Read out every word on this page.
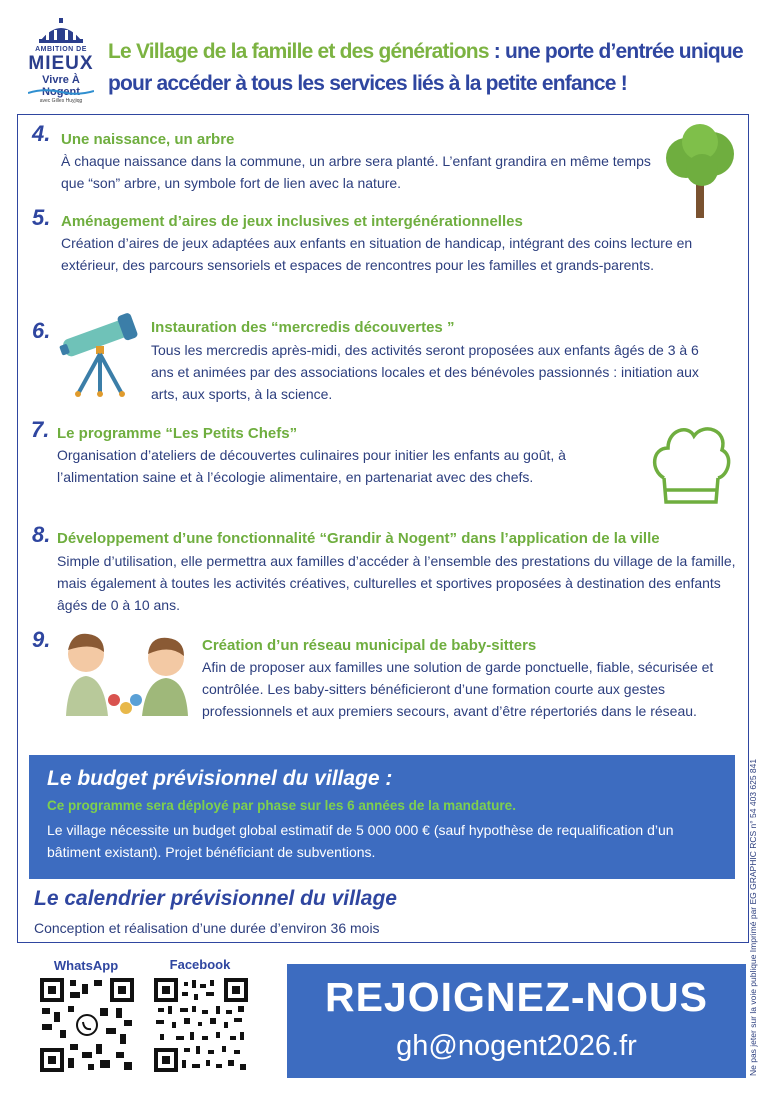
AMBITION DE
MIEUX
Vivre À Nogent
avec Gilles Huyjiqg
Le Village de la famille et des générations : une porte d’entrée unique pour accéder à tous les services liés à la petite enfance !
4. Une naissance, un arbre
À chaque naissance dans la commune, un arbre sera planté. L’enfant grandira en même temps que “son” arbre, un symbole fort de lien avec la nature.
5. Aménagement d’aires de jeux inclusives et intergénérationnelles
Création d’aires de jeux adaptées aux enfants en situation de handicap, intégrant des coins lecture en extérieur, des parcours sensoriels et espaces de rencontres pour les familles et grands-parents.
6.	Instauration des “mercredis découvertes ”
Tous les mercredis après-midi, des activités seront proposées aux enfants âgés de 3 à 6 ans et animées par des associations locales et des bénévoles passionnés : initiation aux arts, aux sports, à la science.
7. Le programme “Les Petits Chefs”
Organisation d’ateliers de découvertes culinaires pour initier les enfants au goût, à l’alimentation saine et à l’écologie alimentaire, en partenariat avec des chefs.
8. Développement d’une fonctionnalité “Grandir à Nogent” dans l’application de la ville
Simple d’utilisation, elle permettra aux familles d’accéder à l’ensemble des prestations du village de la famille, mais également à toutes les activités créatives, culturelles et sportives proposées à destination des enfants âgés de 0 à 10 ans.
9.	Création d’un réseau municipal de baby-sitters
Afin de proposer aux familles une solution de garde ponctuelle, fiable, sécurisée et contrôlée. Les baby-sitters bénéficieront d’une formation courte aux gestes professionnels et aux premiers secours, avant d’être répertoriés dans le réseau.
Le budget prévisionnel du village :
Ce programme sera déployé par phase sur les 6 années de la mandature.
Le village nécessite un budget global estimatif de 5 000 000 € (sauf hypothèse de requalification d’un bâtiment existant). Projet bénéficiant de subventions.
Le calendrier prévisionnel du village
Conception et réalisation d’une durée d’environ 36 mois	Ne pas jeter sur la voie publique Imprimé par EG GRAPHIC RCS n° 54 403 625 841
WhatsApp	Facebook
REJOIGNEZ-NOUS
gh@nogent2026.fr
